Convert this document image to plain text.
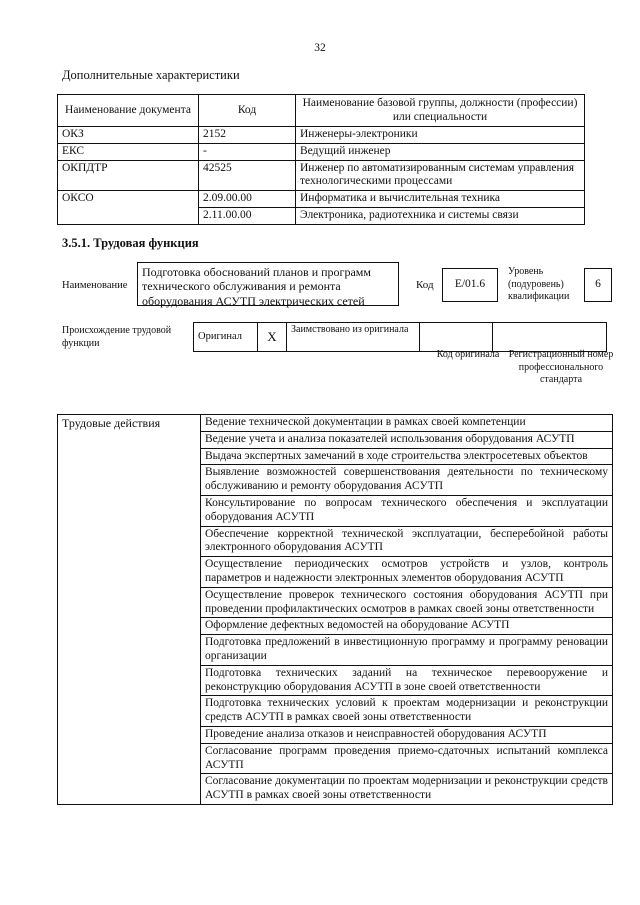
32
Дополнительные характеристики
Наименование документа	Код	Наименование базовой группы, должности (профессии) или специальности
ОКЗ	2152	Инженеры-электроники
ЕКС	-	Ведущий инженер
ОКПДТР	42525	Инженер по автоматизированным системам управления технологическими процессами
ОКСО	2.09.00.00	Информатика и вычислительная техника
	2.11.00.00	Электроника, радиотехника и системы связи
3.5.1. Трудовая функция
Наименование
Подготовка обоснований планов и программ технического обслуживания и ремонта оборудования АСУТП электрических сетей
Код	E/01.6
Уровень (подуровень) квалификации
6
Происхождение трудовой функции
Оригинал	X	Заимствовано из оригинала		
Код оригинала Регистрационный номер профессионального стандарта
Трудовые действия	Ведение технической документации в рамках своей компетенции
Ведение учета и анализа показателей использования оборудования АСУТП
Выдача экспертных замечаний в ходе строительства электросетевых объектов
Выявление возможностей совершенствования деятельности по техническому обслуживанию и ремонту оборудования АСУТП
Консультирование по вопросам технического обеспечения и эксплуатации оборудования АСУТП
Обеспечение корректной технической эксплуатации, бесперебойной работы электронного оборудования АСУТП
Осуществление периодических осмотров устройств и узлов, контроль параметров и надежности электронных элементов оборудования АСУТП
Осуществление проверок технического состояния оборудования АСУТП при проведении профилактических осмотров в рамках своей зоны ответственности
Оформление дефектных ведомостей на оборудование АСУТП
Подготовка предложений в инвестиционную программу и программу реновации организации
Подготовка технических заданий на техническое перевооружение и реконструкцию оборудования АСУТП в зоне своей ответственности
Подготовка технических условий к проектам модернизации и реконструкции средств АСУТП в рамках своей зоны ответственности
Проведение анализа отказов и неисправностей оборудования АСУТП
Согласование программ проведения приемо-сдаточных испытаний комплекса АСУТП
Согласование документации по проектам модернизации и реконструкции средств АСУТП в рамках своей зоны ответственности
